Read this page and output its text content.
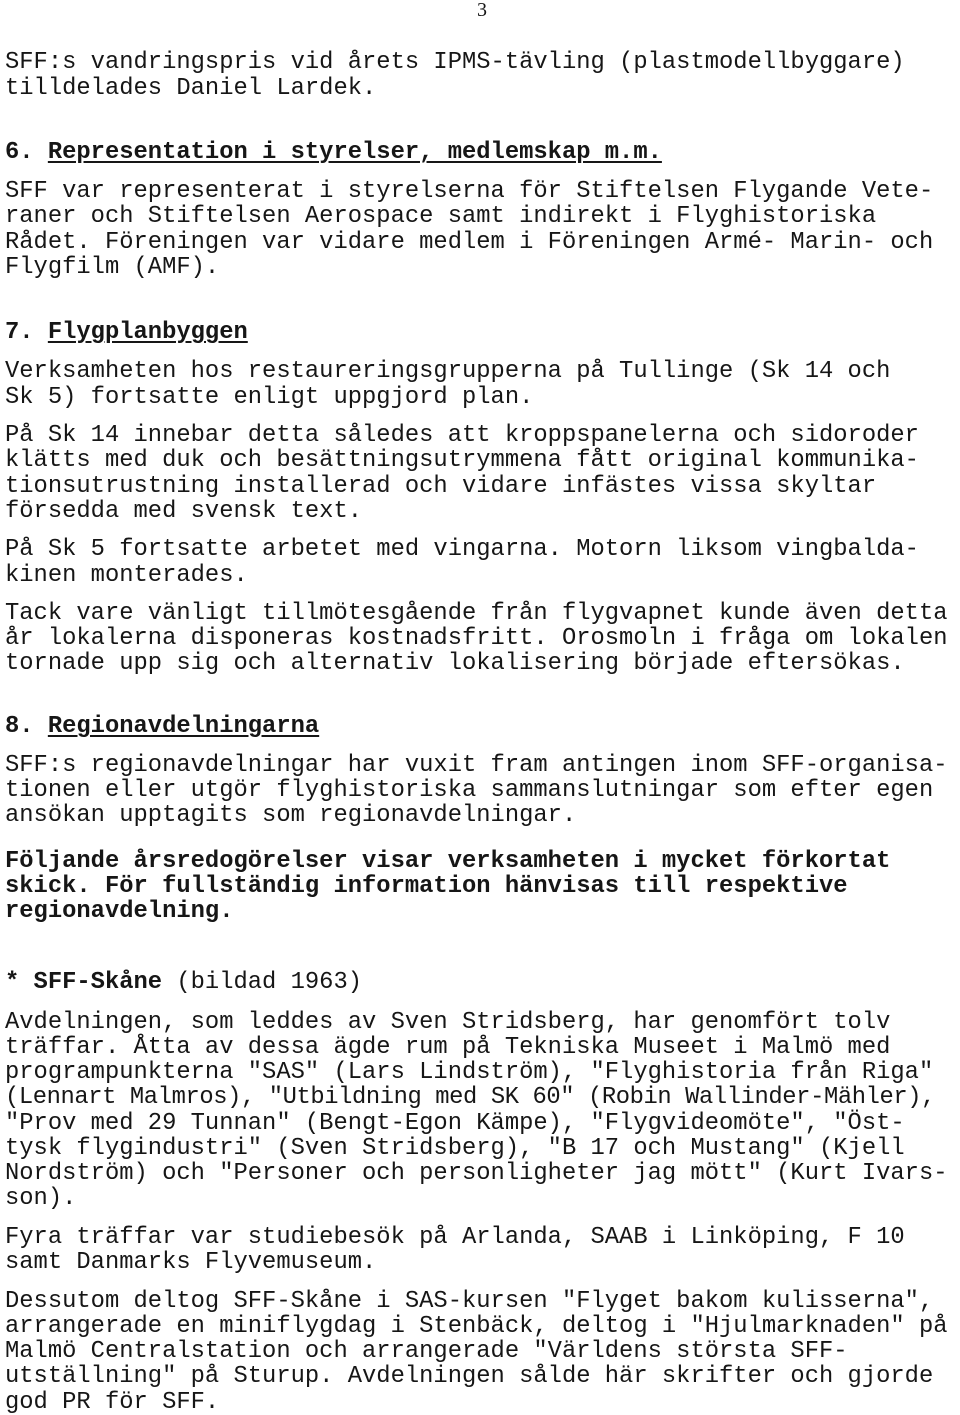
3
SFF:s vandringspris vid årets IPMS-tävling (plastmodellbyggare)
tilldelades Daniel Lardek.
6. Representation i styrelser, medlemskap m.m.
SFF var representerat i styrelserna för Stiftelsen Flygande Vete-
raner och Stiftelsen Aerospace samt indirekt i Flyghistoriska
Rådet. Föreningen var vidare medlem i Föreningen Armé- Marin- och
Flygfilm (AMF).
7. Flygplanbyggen
Verksamheten hos restaureringsgrupperna på Tullinge (Sk 14 och
Sk 5) fortsatte enligt uppgjord plan.
På Sk 14 innebar detta således att kroppspanelerna och sidoroder
klätts med duk och besättningsutrymmena fått original kommunika-
tionsutrustning installerad och vidare infästes vissa skyltar
försedda med svensk text.
På Sk 5 fortsatte arbetet med vingarna. Motorn liksom vingbalda-
kinen monterades.
Tack vare vänligt tillmötesgående från flygvapnet kunde även detta
år lokalerna disponeras kostnadsfritt. Orosmoln i fråga om lokalen
tornade upp sig och alternativ lokalisering började eftersökas.
8. Regionavdelningarna
SFF:s regionavdelningar har vuxit fram antingen inom SFF-organisa-
tionen eller utgör flyghistoriska sammanslutningar som efter egen
ansökan upptagits som regionavdelningar.
Följande årsredogörelser visar verksamheten i mycket förkortat
skick. För fullständig information hänvisas till respektive
regionavdelning.
* SFF-Skåne (bildad 1963)
Avdelningen, som leddes av Sven Stridsberg, har genomfört tolv
träffar. Åtta av dessa ägde rum på Tekniska Museet i Malmö med
programpunkterna "SAS" (Lars Lindström), "Flyghistoria från Riga"
(Lennart Malmros), "Utbildning med SK 60" (Robin Wallinder-Mähler),
"Prov med 29 Tunnan" (Bengt-Egon Kämpe), "Flygvideomöte", "Öst-
tysk flygindustri" (Sven Stridsberg), "B 17 och Mustang" (Kjell
Nordström) och "Personer och personligheter jag mött" (Kurt Ivars-
son).
Fyra träffar var studiebesök på Arlanda, SAAB i Linköping, F 10
samt Danmarks Flyvemuseum.
Dessutom deltog SFF-Skåne i SAS-kursen "Flyget bakom kulisserna",
arrangerade en miniflygdag i Stenbäck, deltog i "Hjulmarknaden" på
Malmö Centralstation och arrangerade "Världens största SFF-
utställning" på Sturup. Avdelningen sålde här skrifter och gjorde
god PR för SFF.
